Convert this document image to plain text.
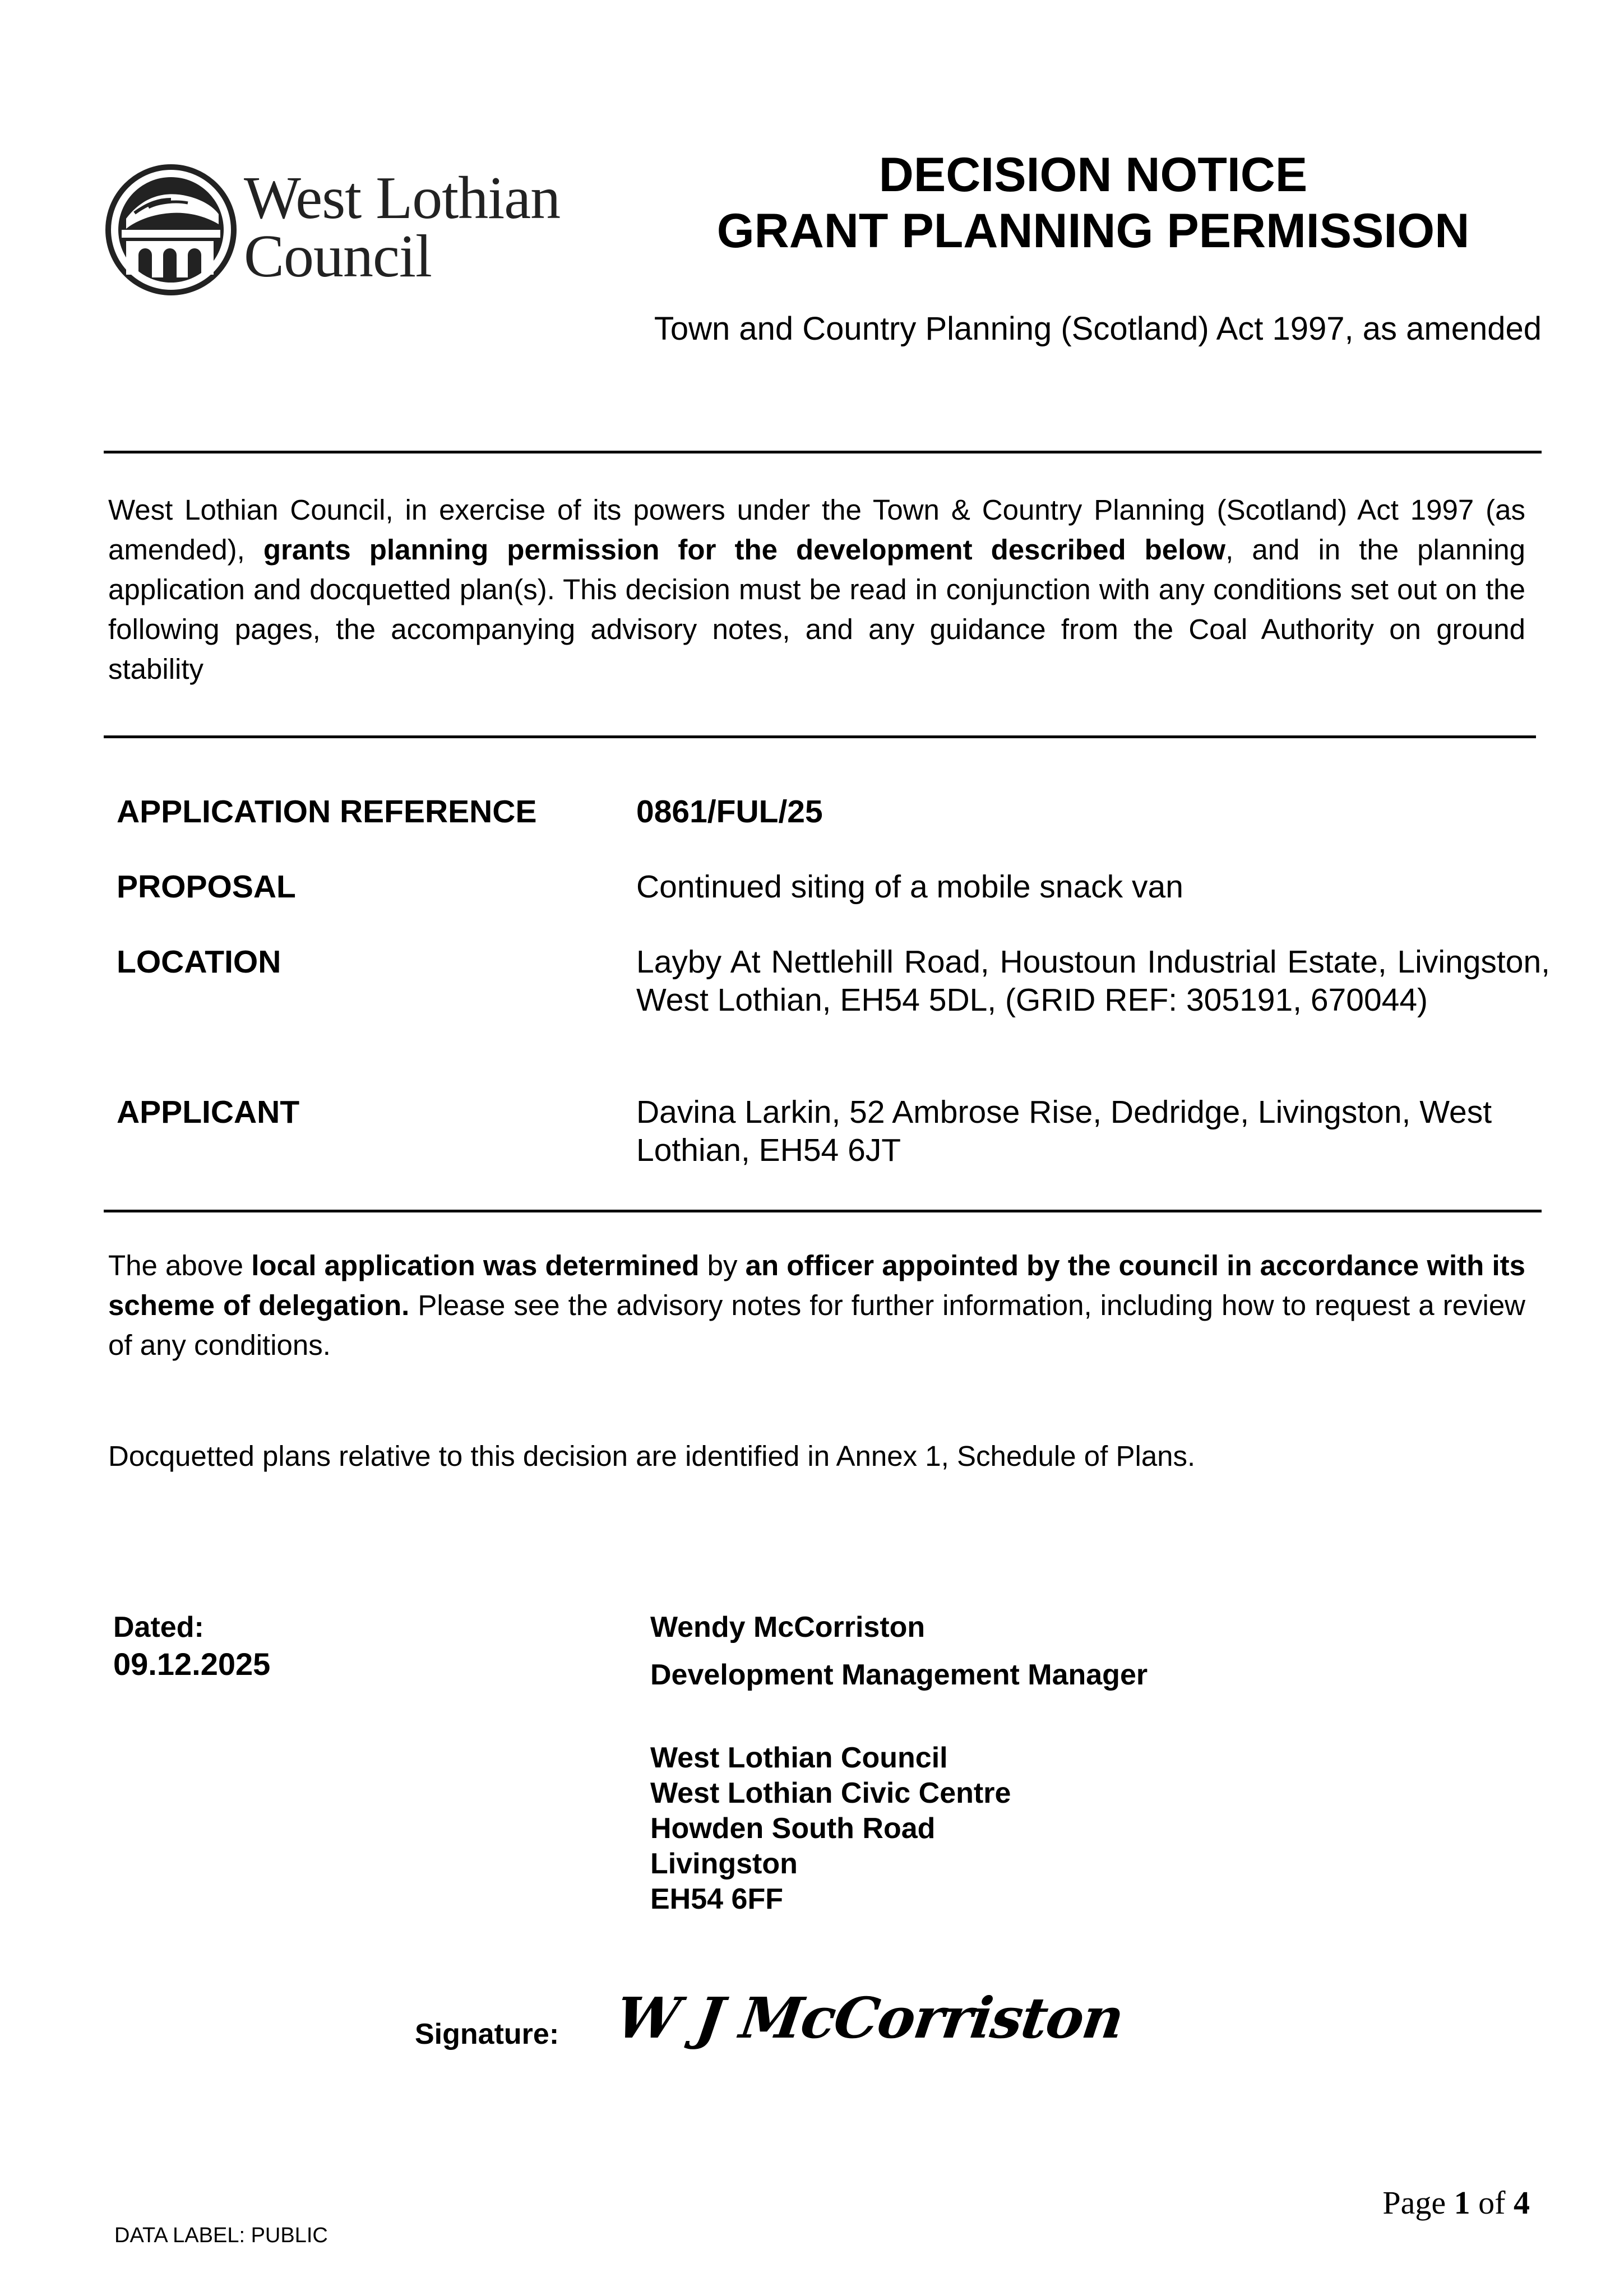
West Lothian
Council
DECISION NOTICE
GRANT PLANNING PERMISSION
Town and Country Planning (Scotland) Act 1997, as amended
West Lothian Council, in exercise of its powers under the Town & Country Planning (Scotland) Act 1997 (as amended), grants planning permission for the development described below, and in the planning application and docquetted plan(s). This decision must be read in conjunction with any conditions set out on the following pages, the accompanying advisory notes, and any guidance from the Coal Authority on ground stability
APPLICATION REFERENCE	0861/FUL/25
PROPOSAL	Continued siting of a mobile snack van
LOCATION	Layby At Nettlehill Road, Houstoun Industrial Estate, Livingston, West Lothian, EH54 5DL, (GRID REF: 305191, 670044)
APPLICANT	Davina Larkin, 52 Ambrose Rise, Dedridge, Livingston, West Lothian, EH54 6JT
The above local application was determined by an officer appointed by the council in accordance with its scheme of delegation. Please see the advisory notes for further information, including how to request a review of any conditions.
Docquetted plans relative to this decision are identified in Annex 1, Schedule of Plans.
Dated:
09.12.2025
Wendy McCorriston
Development Management Manager
West Lothian Council
West Lothian Civic Centre
Howden South Road
Livingston
EH54 6FF
Signature: W J McCorriston
Page 1 of 4
DATA LABEL: PUBLIC
